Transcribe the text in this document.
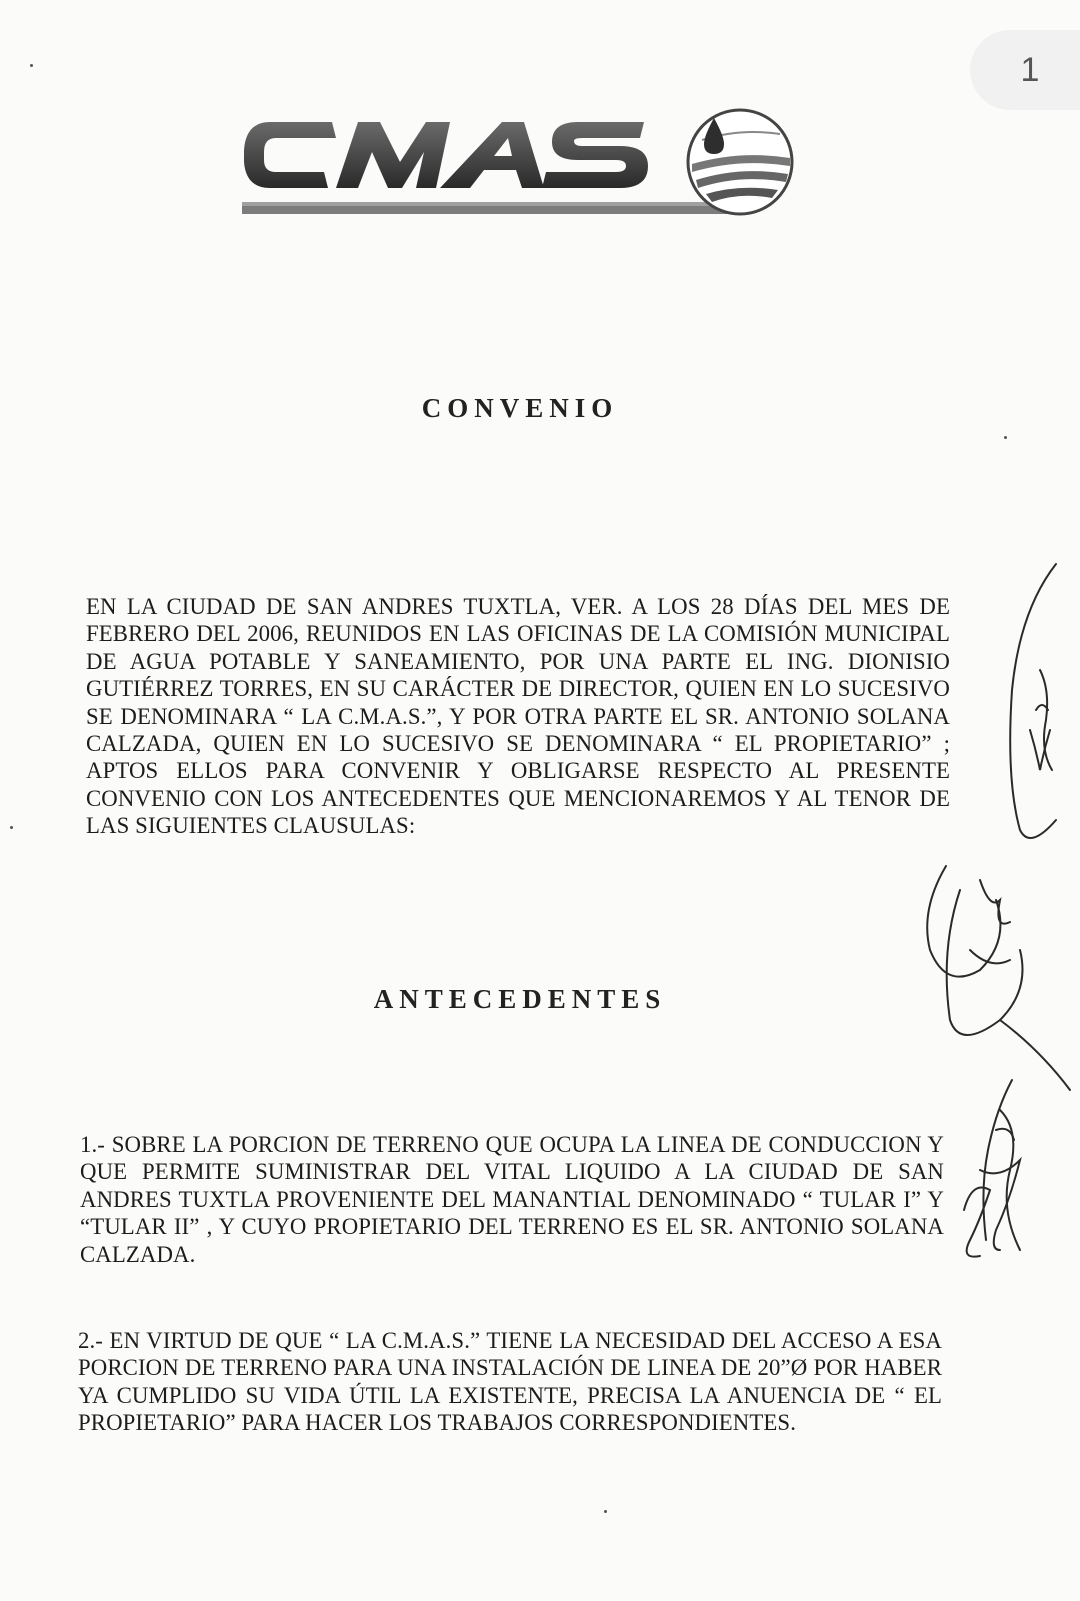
1
CONVENIO
EN LA CIUDAD DE SAN ANDRES TUXTLA, VER. A LOS 28 DÍAS DEL MES DE FEBRERO DEL 2006, REUNIDOS EN LAS OFICINAS DE LA COMISIÓN MUNICIPAL DE AGUA POTABLE Y SANEAMIENTO, POR UNA PARTE EL ING. DIONISIO GUTIÉRREZ TORRES, EN SU CARÁCTER DE DIRECTOR, QUIEN EN LO SUCESIVO SE DENOMINARA “ LA C.M.A.S.”, Y POR OTRA PARTE EL SR. ANTONIO SOLANA CALZADA, QUIEN EN LO SUCESIVO SE DENOMINARA “ EL PROPIETARIO” ; APTOS ELLOS PARA CONVENIR Y OBLIGARSE RESPECTO AL PRESENTE CONVENIO CON LOS ANTECEDENTES QUE MENCIONAREMOS Y AL TENOR DE LAS SIGUIENTES CLAUSULAS:
ANTECEDENTES
1.- SOBRE LA PORCION DE TERRENO QUE OCUPA LA LINEA DE CONDUCCION Y QUE PERMITE SUMINISTRAR DEL VITAL LIQUIDO A LA CIUDAD DE SAN ANDRES TUXTLA PROVENIENTE DEL MANANTIAL DENOMINADO “ TULAR I” Y “TULAR II” , Y CUYO PROPIETARIO DEL TERRENO ES EL SR. ANTONIO SOLANA CALZADA.
2.- EN VIRTUD DE QUE “ LA C.M.A.S.” TIENE LA NECESIDAD DEL ACCESO A ESA PORCION DE TERRENO PARA UNA INSTALACIÓN DE LINEA DE 20”Ø POR HABER YA CUMPLIDO SU VIDA ÚTIL LA EXISTENTE, PRECISA LA ANUENCIA DE “ EL PROPIETARIO” PARA HACER LOS TRABAJOS CORRESPONDIENTES.
